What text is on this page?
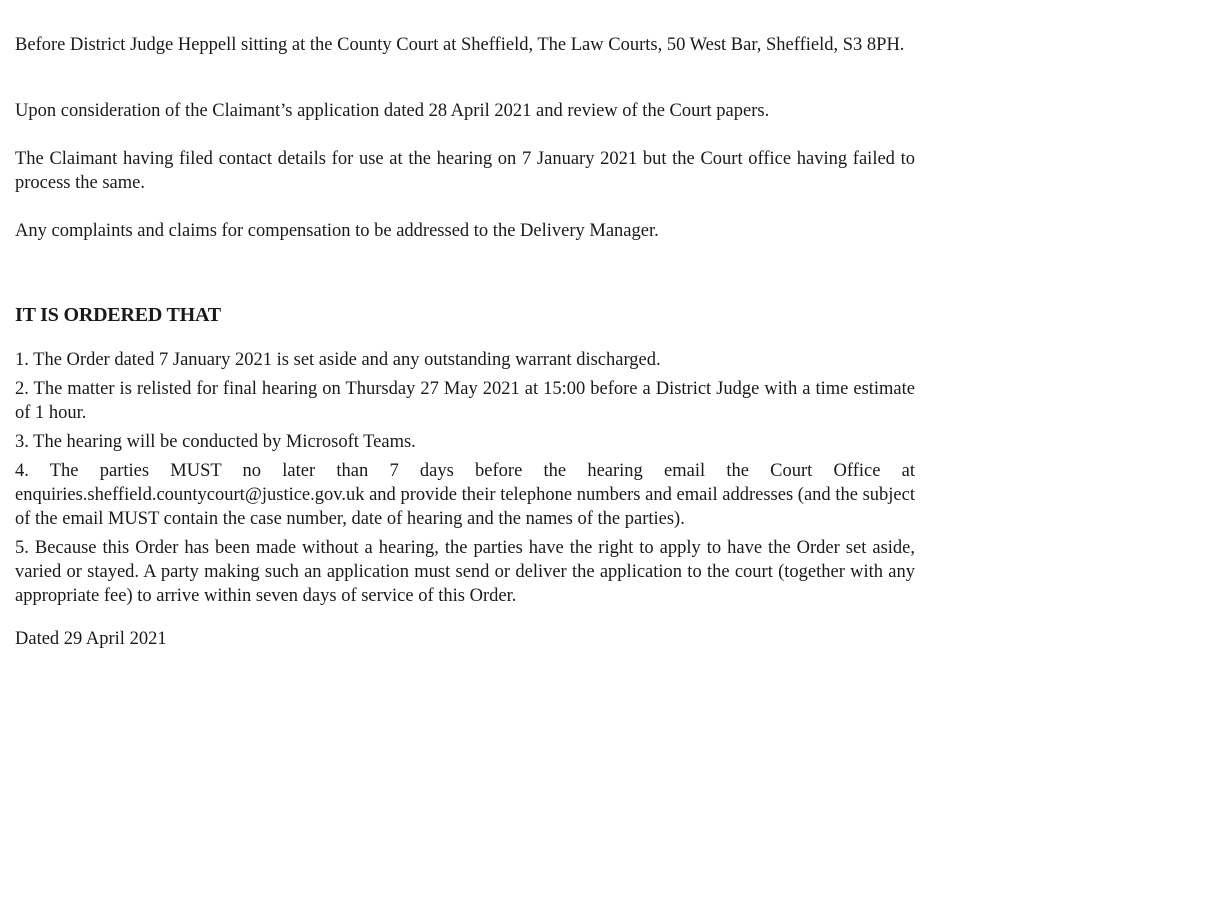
Before District Judge Heppell sitting at the County Court at Sheffield, The Law Courts, 50 West Bar, Sheffield, S3 8PH.

Upon consideration of the Claimant’s application dated 28 April 2021 and review of the Court papers.

The Claimant having filed contact details for use at the hearing on 7 January 2021 but the Court office having failed to process the same.

Any complaints and claims for compensation to be addressed to the Delivery Manager.

IT IS ORDERED THAT

1. The Order dated 7 January 2021 is set aside and any outstanding warrant discharged.

2. The matter is relisted for final hearing on Thursday 27 May 2021 at 15:00 before a District Judge with a time estimate of 1 hour.

3. The hearing will be conducted by Microsoft Teams.

4. The parties MUST no later than 7 days before the hearing email the Court Office at enquiries.sheffield.countycourt@justice.gov.uk and provide their telephone numbers and email addresses (and the subject of the email MUST contain the case number, date of hearing and the names of the parties).

5. Because this Order has been made without a hearing, the parties have the right to apply to have the Order set aside, varied or stayed. A party making such an application must send or deliver the application to the court (together with any appropriate fee) to arrive within seven days of service of this Order.

Dated 29 April 2021
